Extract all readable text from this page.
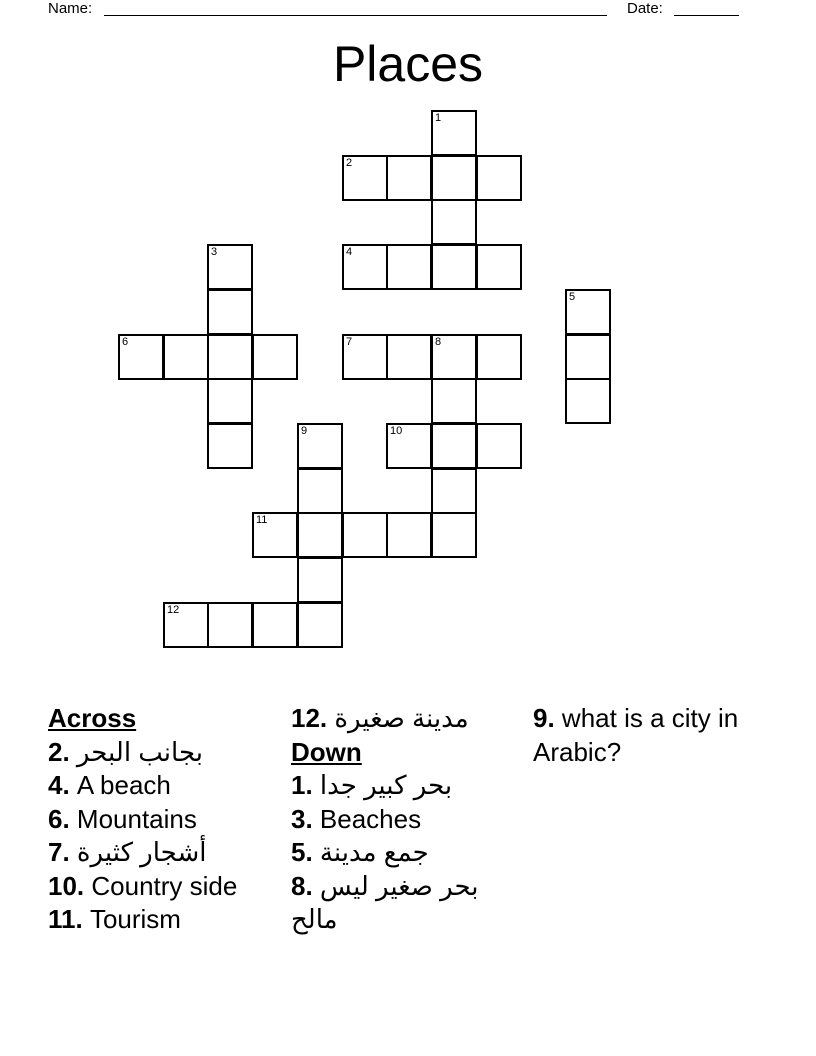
Name:	Date:
Places
1
2
3	4
5
6	7	8
9	10
11
12
Across
2. بجانب البحر
4. A beach
6. Mountains
7. أشجار كثيرة
10. Country side
11. Tourism
12. مدينة صغيرة
Down
1. بحر كبير جدا
3. Beaches
5. جمع مدينة
8. بحر صغير ليس مالح
9. what is a city in Arabic?
